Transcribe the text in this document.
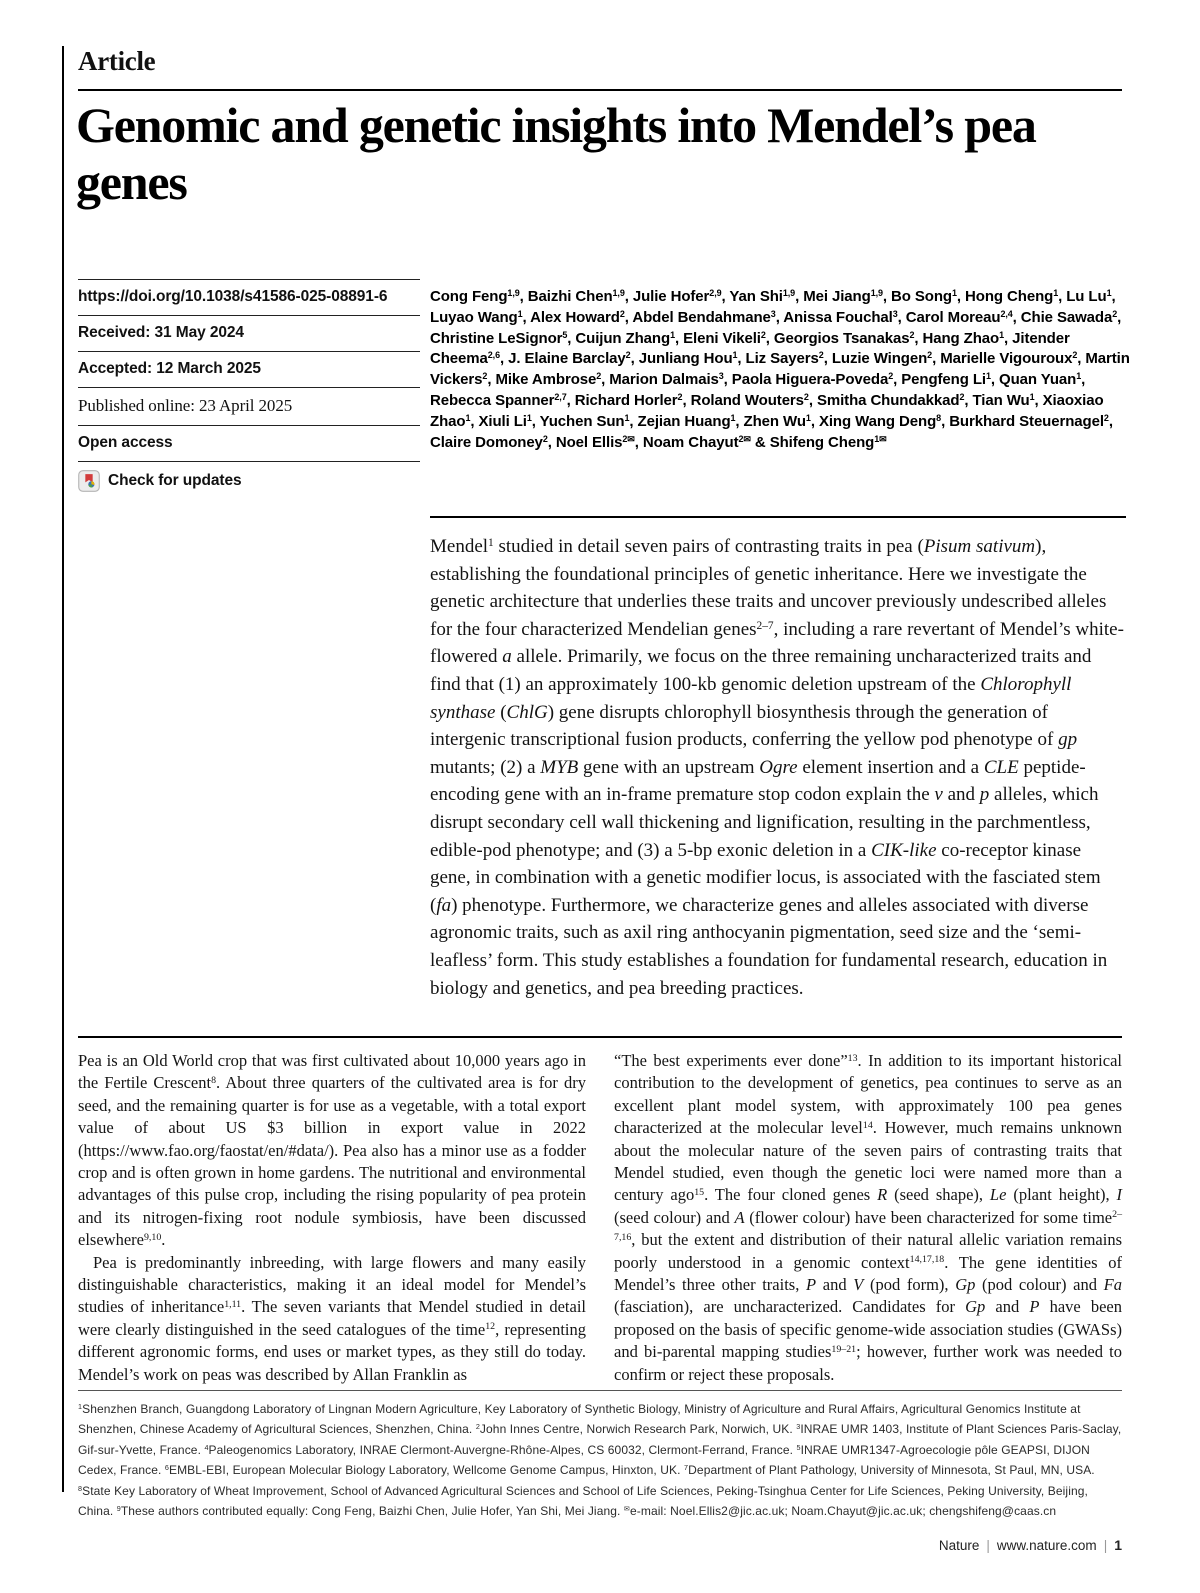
Article
Genomic and genetic insights into Mendel’s pea genes
https://doi.org/10.1038/s41586-025-08891-6
Received: 31 May 2024
Accepted: 12 March 2025
Published online: 23 April 2025
Open access
Check for updates
Cong Feng$^{1,9}$, Baizhi Chen$^{1,9}$, Julie Hofer$^{2,9}$, Yan Shi$^{1,9}$, Mei Jiang$^{1,9}$, Bo Song$^1$, Hong Cheng$^1$, Lu Lu$^1$, Luyao Wang$^1$, Alex Howard$^2$, Abdel Bendahmane$^3$, Anissa Fouchal$^3$, Carol Moreau$^{2,4}$, Chie Sawada$^2$, Christine LeSignor$^5$, Cuijun Zhang$^1$, Eleni Vikeli$^2$, Georgios Tsanakas$^2$, Hang Zhao$^1$, Jitender Cheema$^{2,6}$, J. Elaine Barclay$^2$, Junliang Hou$^1$, Liz Sayers$^2$, Luzie Wingen$^2$, Marielle Vigouroux$^2$, Martin Vickers$^2$, Mike Ambrose$^2$, Marion Dalmais$^3$, Paola Higuera-Poveda$^2$, Pengfeng Li$^1$, Quan Yuan$^1$, Rebecca Spanner$^{2,7}$, Richard Horler$^2$, Roland Wouters$^2$, Smitha Chundakkad$^2$, Tian Wu$^1$, Xiaoxiao Zhao$^1$, Xiuli Li$^1$, Yuchen Sun$^1$, Zejian Huang$^1$, Zhen Wu$^1$, Xing Wang Deng$^8$, Burkhard Steuernagel$^2$, Claire Domoney$^2$, Noel Ellis$^{2✉}$, Noam Chayut$^{2✉}$ & Shifeng Cheng$^{1✉}$
Mendel$^1$ studied in detail seven pairs of contrasting traits in pea (Pisum sativum), establishing the foundational principles of genetic inheritance. Here we investigate the genetic architecture that underlies these traits and uncover previously undescribed alleles for the four characterized Mendelian genes$^{2-7}$, including a rare revertant of Mendel’s white-flowered a allele. Primarily, we focus on the three remaining uncharacterized traits and find that (1) an approximately 100-kb genomic deletion upstream of the Chlorophyll synthase (ChlG) gene disrupts chlorophyll biosynthesis through the generation of intergenic transcriptional fusion products, conferring the yellow pod phenotype of gp mutants; (2) a MYB gene with an upstream Ogre element insertion and a CLE peptide-encoding gene with an in-frame premature stop codon explain the v and p alleles, which disrupt secondary cell wall thickening and lignification, resulting in the parchmentless, edible-pod phenotype; and (3) a 5-bp exonic deletion in a CIK-like co-receptor kinase gene, in combination with a genetic modifier locus, is associated with the fasciated stem (fa) phenotype. Furthermore, we characterize genes and alleles associated with diverse agronomic traits, such as axil ring anthocyanin pigmentation, seed size and the ‘semi-leafless’ form. This study establishes a foundation for fundamental research, education in biology and genetics, and pea breeding practices.

Pea is an Old World crop that was first cultivated about 10,000 years ago in the Fertile Crescent$^8$. About three quarters of the cultivated area is for dry seed, and the remaining quarter is for use as a vegetable, with a total export value of about US $3 billion in export value in 2022 (https://www.fao.org/faostat/en/#data/). Pea also has a minor use as a fodder crop and is often grown in home gardens. The nutritional and environmental advantages of this pulse crop, including the rising popularity of pea protein and its nitrogen-fixing root nodule symbiosis, have been discussed elsewhere$^{9,10}$.

Pea is predominantly inbreeding, with large flowers and many easily distinguishable characteristics, making it an ideal model for Mendel’s studies of inheritance$^{1,11}$. The seven variants that Mendel studied in detail were clearly distinguished in the seed catalogues of the time$^{12}$, representing different agronomic forms, end uses or market types, as they still do today. Mendel’s work on peas was described by Allan Franklin as

“The best experiments ever done”$^{13}$. In addition to its important historical contribution to the development of genetics, pea continues to serve as an excellent plant model system, with approximately 100 pea genes characterized at the molecular level$^{14}$. However, much remains unknown about the molecular nature of the seven pairs of contrasting traits that Mendel studied, even though the genetic loci were named more than a century ago$^{15}$. The four cloned genes R (seed shape), Le (plant height), I (seed colour) and A (flower colour) have been characterized for some time$^{2-7,16}$, but the extent and distribution of their natural allelic variation remains poorly understood in a genomic context$^{14,17,18}$. The gene identities of Mendel’s three other traits, P and V (pod form), Gp (pod colour) and Fa (fasciation), are uncharacterized. Candidates for Gp and P have been proposed on the basis of specific genome-wide association studies (GWASs) and bi-parental mapping studies$^{19-21}$; however, further work was needed to confirm or reject these proposals.

$^1$Shenzhen Branch, Guangdong Laboratory of Lingnan Modern Agriculture, Key Laboratory of Synthetic Biology, Ministry of Agriculture and Rural Affairs, Agricultural Genomics Institute at Shenzhen, Chinese Academy of Agricultural Sciences, Shenzhen, China. $^2$John Innes Centre, Norwich Research Park, Norwich, UK. $^3$INRAE UMR 1403, Institute of Plant Sciences Paris-Saclay, Gif-sur-Yvette, France. $^4$Paleogenomics Laboratory, INRAE Clermont-Auvergne-Rhône-Alpes, CS 60032, Clermont-Ferrand, France. $^5$INRAE UMR1347-Agroecologie pôle GEAPSI, DIJON Cedex, France. $^6$EMBL-EBI, European Molecular Biology Laboratory, Wellcome Genome Campus, Hinxton, UK. $^7$Department of Plant Pathology, University of Minnesota, St Paul, MN, USA. $^8$State Key Laboratory of Wheat Improvement, School of Advanced Agricultural Sciences and School of Life Sciences, Peking-Tsinghua Center for Life Sciences, Peking University, Beijing, China. $^9$These authors contributed equally: Cong Feng, Baizhi Chen, Julie Hofer, Yan Shi, Mei Jiang. ✉e-mail: Noel.Ellis2@jic.ac.uk; Noam.Chayut@jic.ac.uk; chengshifeng@caas.cn
Nature | www.nature.com | 1
